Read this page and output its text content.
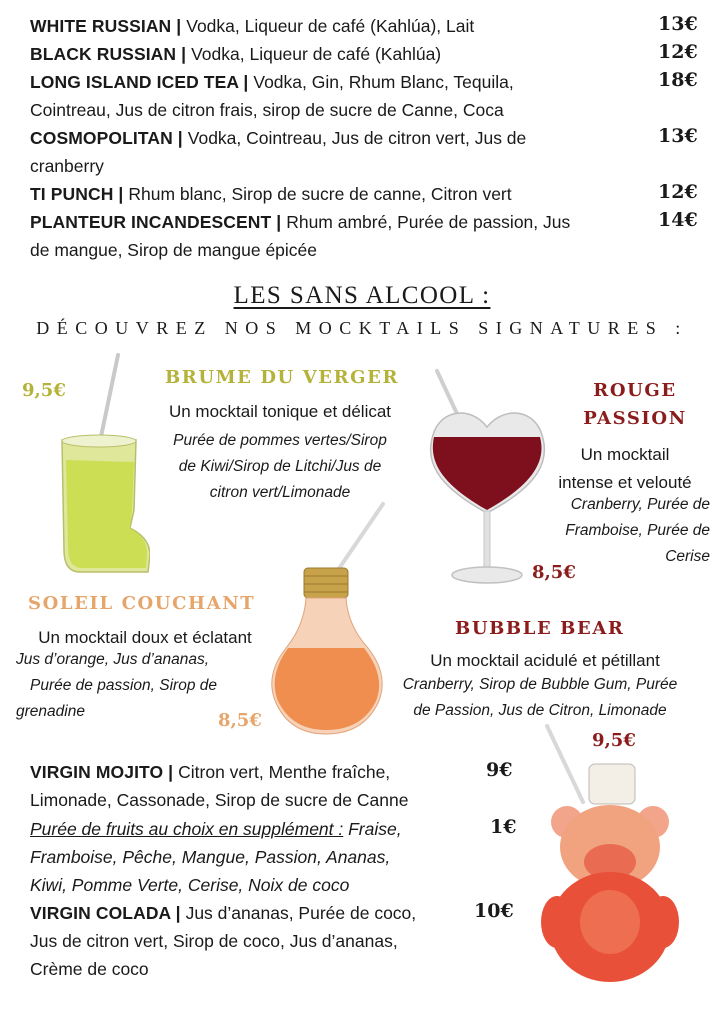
WHITE RUSSIAN | Vodka, Liqueur de café (Kahlúa), Lait	13€
BLACK RUSSIAN | Vodka, Liqueur de café (Kahlúa)	12€
LONG ISLAND ICED TEA | Vodka, Gin, Rhum Blanc, Tequila,
Cointreau, Jus de citron frais, sirop de sucre de Canne, Coca
18€
COSMOPOLITAN | Vodka, Cointreau, Jus de citron vert, Jus de
cranberry
13€
TI PUNCH | Rhum blanc, Sirop de sucre de canne, Citron vert	12€
PLANTEUR INCANDESCENT | Rhum ambré, Purée de passion, Jus
de mangue, Sirop de mangue épicée
14€
LES SANS ALCOOL :
DÉCOUVREZ NOS MOCKTAILS SIGNATURES :
9,5€
BRUME DU VERGER
Un mocktail tonique et délicat
Purée de pommes vertes/Sirop
de Kiwi/Sirop de Litchi/Jus de
citron vert/Limonade
ROUGE
PASSION
Un mocktail
intense et velouté
Cranberry, Purée de
Framboise, Purée de
Cerise
8,5€
SOLEIL COUCHANT
Un mocktail doux et éclatant
Jus d’orange, Jus d’ananas,
Purée de passion, Sirop de
grenadine	8,5€
BUBBLE BEAR
Un mocktail acidulé et pétillant
Cranberry, Sirop de Bubble Gum, Purée
de Passion, Jus de Citron, Limonade
9,5€
VIRGIN MOJITO | Citron vert, Menthe fraîche,
Limonade, Cassonade, Sirop de sucre de Canne
9€
Purée de fruits au choix en supplément : Fraise,
Framboise, Pêche, Mangue, Passion, Ananas,
Kiwi, Pomme Verte, Cerise, Noix de coco
1€
VIRGIN COLADA | Jus d’ananas, Purée de coco,
Jus de citron vert, Sirop de coco, Jus d’ananas,
Crème de coco
10€
